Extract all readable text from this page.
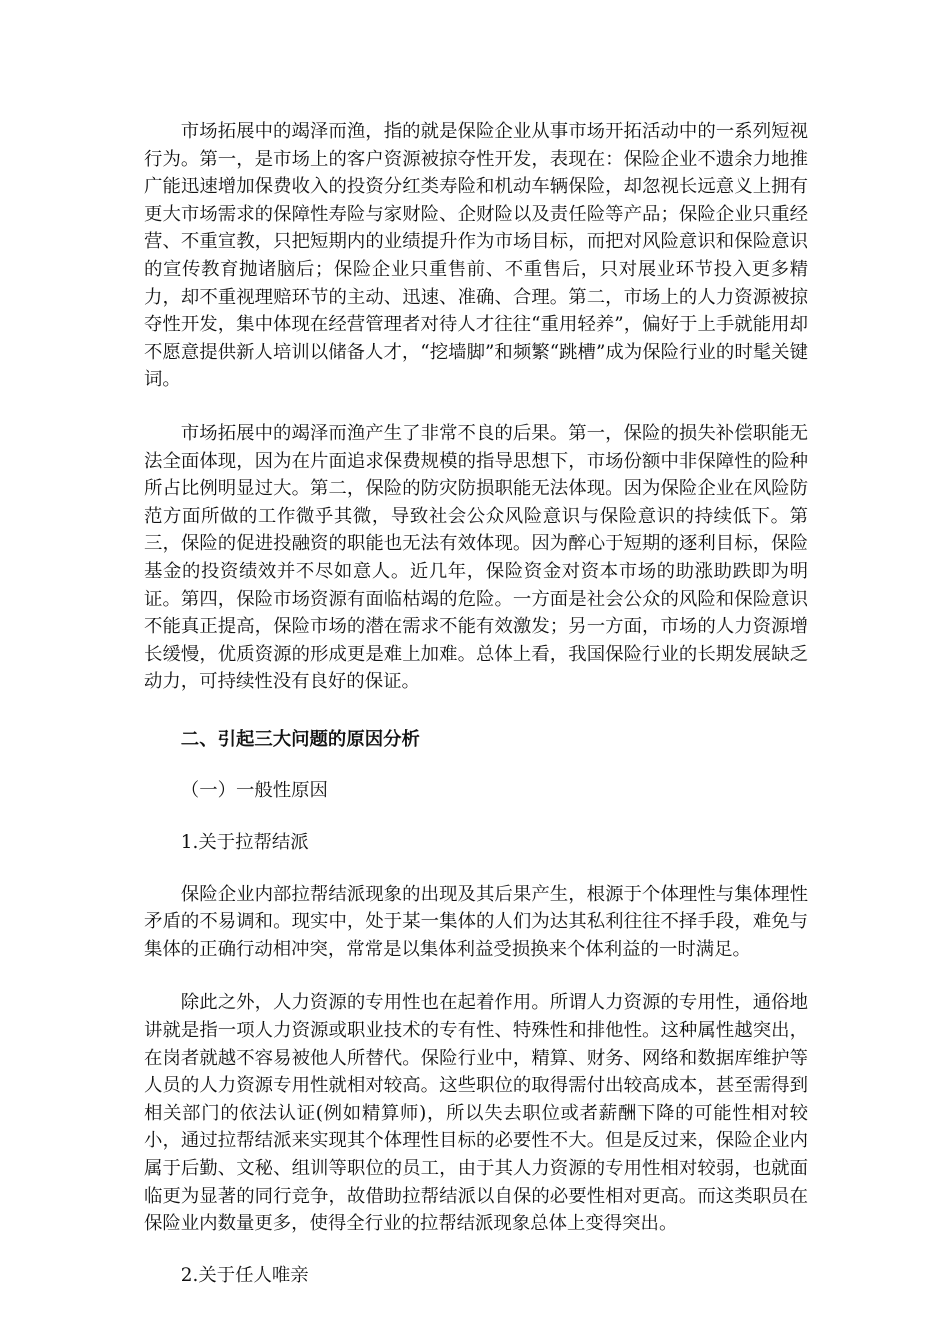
市场拓展中的竭泽而渔，指的就是保险企业从事市场开拓活动中的一系列短视行为。第一，是市场上的客户资源被掠夺性开发，表现在：保险企业不遗余力地推广能迅速增加保费收入的投资分红类寿险和机动车辆保险，却忽视长远意义上拥有更大市场需求的保障性寿险与家财险、企财险以及责任险等产品；保险企业只重经营、不重宣教，只把短期内的业绩提升作为市场目标，而把对风险意识和保险意识的宣传教育抛诸脑后；保险企业只重售前、不重售后，只对展业环节投入更多精力，却不重视理赔环节的主动、迅速、准确、合理。第二，市场上的人力资源被掠夺性开发，集中体现在经营管理者对待人才往往“重用轻养”，偏好于上手就能用却不愿意提供新人培训以储备人才，“挖墙脚”和频繁“跳槽”成为保险行业的时髦关键词。

市场拓展中的竭泽而渔产生了非常不良的后果。第一，保险的损失补偿职能无法全面体现，因为在片面追求保费规模的指导思想下，市场份额中非保障性的险种所占比例明显过大。第二，保险的防灾防损职能无法体现。因为保险企业在风险防范方面所做的工作微乎其微，导致社会公众风险意识与保险意识的持续低下。第三，保险的促进投融资的职能也无法有效体现。因为醉心于短期的逐利目标，保险基金的投资绩效并不尽如意人。近几年，保险资金对资本市场的助涨助跌即为明证。第四，保险市场资源有面临枯竭的危险。一方面是社会公众的风险和保险意识不能真正提高，保险市场的潜在需求不能有效激发；另一方面，市场的人力资源增长缓慢，优质资源的形成更是难上加难。总体上看，我国保险行业的长期发展缺乏动力，可持续性没有良好的保证。

二、引起三大问题的原因分析

（一）一般性原因

1.关于拉帮结派

保险企业内部拉帮结派现象的出现及其后果产生，根源于个体理性与集体理性矛盾的不易调和。现实中，处于某一集体的人们为达其私利往往不择手段，难免与集体的正确行动相冲突，常常是以集体利益受损换来个体利益的一时满足。

除此之外，人力资源的专用性也在起着作用。所谓人力资源的专用性，通俗地讲就是指一项人力资源或职业技术的专有性、特殊性和排他性。这种属性越突出，在岗者就越不容易被他人所替代。保险行业中，精算、财务、网络和数据库维护等人员的人力资源专用性就相对较高。这些职位的取得需付出较高成本，甚至需得到相关部门的依法认证(例如精算师)，所以失去职位或者薪酬下降的可能性相对较小，通过拉帮结派来实现其个体理性目标的必要性不大。但是反过来，保险企业内属于后勤、文秘、组训等职位的员工，由于其人力资源的专用性相对较弱，也就面临更为显著的同行竞争，故借助拉帮结派以自保的必要性相对更高。而这类职员在保险业内数量更多，使得全行业的拉帮结派现象总体上变得突出。

2.关于任人唯亲
